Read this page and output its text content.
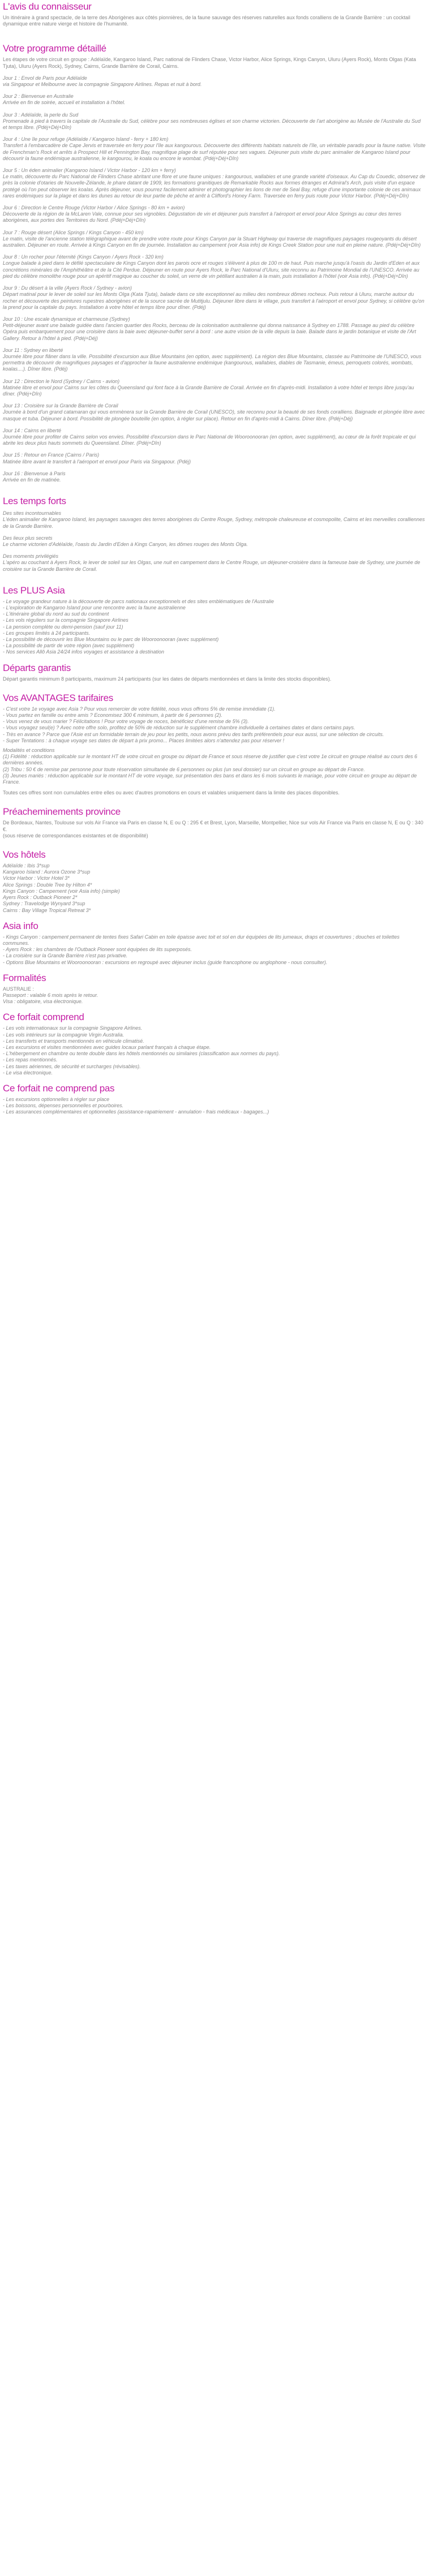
L'avis du connaisseur

Un itinéraire à grand spectacle, de la terre des Aborigènes aux côtés pionnières, de la faune sauvage des réserves naturelles aux fonds coralliens de la Grande Barrière : un cocktail dynamique entre nature vierge et histoire de l'humanité.

Votre programme détaillé

Les étapes de votre circuit en groupe : Adélaïde, Kangaroo Island, Parc national de Flinders Chase, Victor Harbor, Alice Springs, Kings Canyon, Uluru (Ayers Rock), Monts Olgas (Kata Tjuta), Uluru (Ayers Rock), Sydney, Cairns, Grande Barrière de Corail, Cairns.

Jour 1 : Envol de Paris pour Adélaïde

via Singapour et Melbourne avec la compagnie Singapore Airlines. Repas et nuit à bord.

Jour 2 : Bienvenue en Australie

Arrivée en fin de soirée, accueil et installation à l'hôtel.

Jour 3 : Adélaïde, la perle du Sud

Promenade à pied à travers la capitale de l'Australie du Sud, célèbre pour ses nombreuses églises et son charme victorien. Découverte de l'art aborigène au Musée de l'Australie du Sud et temps libre. (Pdéj+Déj+Dîn)

Jour 4 : Une île pour refuge (Adélaïde / Kangaroo Island - ferry + 180 km)

Transfert à l'embarcadère de Cape Jervis et traversée en ferry pour l'île aux kangourous. Découverte des différents habitats naturels de l'île, un véritable paradis pour la faune native. Visite de Frenchman's Rock et arrêts à Prospect Hill et Pennington Bay, magnifique plage de surf réputée pour ses vagues. Déjeuner puis visite du parc animalier de Kangaroo Island pour découvrir la faune endémique australienne, le kangourou, le koala ou encore le wombat. (Pdéj+Déj+Dîn)

Jour 5 : Un éden animalier (Kangaroo Island / Victor Harbor - 120 km + ferry)

Le matin, découverte du Parc National de Flinders Chase abritant une flore et une faune uniques : kangourous, wallabies et une grande variété d'oiseaux. Au Cap du Couedic, observez de près la colonie d'otaries de Nouvelle-Zélande, le phare datant de 1909, les formations granitiques de Remarkable Rocks aux formes étranges et Admiral's Arch, puis visite d'un espace protégé où l'on peut observer les koalas. Après déjeuner, vous pourrez facilement admirer et photographier les lions de mer de Seal Bay, refuge d'une importante colonie de ces animaux rares endémiques sur la plage et dans les dunes au retour de leur partie de pêche et arrêt à Clifford's Honey Farm. Traversée en ferry puis route pour Victor Harbor. (Pdéj+Déj+Dîn)

Jour 6 : Direction le Centre Rouge (Victor Harbor / Alice Springs - 80 km + avion)

Découverte de la région de la McLaren Vale, connue pour ses vignobles. Dégustation de vin et déjeuner puis transfert à l'aéroport et envol pour Alice Springs au cœur des terres aborigènes, aux portes des Territoires du Nord. (Pdéj+Déj+Dîn)

Jour 7 : Rouge désert (Alice Springs / Kings Canyon - 450 km)

Le matin, visite de l'ancienne station télégraphique avant de prendre votre route pour Kings Canyon par la Stuart Highway qui traverse de magnifiques paysages rougeoyants du désert australien. Déjeuner en route. Arrivée à Kings Canyon en fin de journée. Installation au campement (voir Asia info) de Kings Creek Station pour une nuit en pleine nature. (Pdéj+Déj+Dîn)

Jour 8 : Un rocher pour l'éternité (Kings Canyon / Ayers Rock - 320 km)

Longue balade à pied dans le défilé spectaculaire de Kings Canyon dont les parois ocre et rouges s'élèvent à plus de 100 m de haut. Puis marche jusqu'à l'oasis du Jardin d'Eden et aux concrétions minérales de l'Amphithéâtre et de la Cité Perdue. Déjeuner en route pour Ayers Rock, le Parc National d'Uluru, site reconnu au Patrimoine Mondial de l'UNESCO. Arrivée au pied du célèbre monolithe rouge pour un apéritif magique au coucher du soleil, un verre de vin pétillant australien à la main, puis installation à l'hôtel (voir Asia info). (Pdéj+Déj+Dîn)

Jour 9 : Du désert à la ville (Ayers Rock / Sydney - avion)

Départ matinal pour le lever de soleil sur les Monts Olga (Kata Tjuta), balade dans ce site exceptionnel au milieu des nombreux dômes rocheux. Puis retour à Uluru, marche autour du rocher et découverte des peintures rupestres aborigènes et de la source sacrée de Mutitjulu. Déjeuner libre dans le village, puis transfert à l'aéroport et envol pour Sydney, si célèbre qu'on la prend pour la capitale du pays. Installation à votre hôtel et temps libre pour dîner. (Pdéj)

Jour 10 : Une escale dynamique et charmeuse (Sydney)

Petit-déjeuner avant une balade guidée dans l'ancien quartier des Rocks, berceau de la colonisation australienne qui donna naissance à Sydney en 1788. Passage au pied du célèbre Opéra puis embarquement pour une croisière dans la baie avec déjeuner-buffet servi à bord : une autre vision de la ville depuis la baie. Balade dans le jardin botanique et visite de l'Art Gallery. Retour à l'hôtel à pied. (Pdéj+Déj)

Jour 11 : Sydney en liberté

Journée libre pour flâner dans la ville. Possibilité d'excursion aux Blue Mountains (en option, avec supplément). La région des Blue Mountains, classée au Patrimoine de l'UNESCO, vous permettra de découvrir de magnifiques paysages et d'approcher la faune australienne endémique (kangourous, wallabies, diables de Tasmanie, émeus, perroquets colorés, wombats, koalas....). Dîner libre. (Pdéj)

Jour 12 : Direction le Nord (Sydney / Cairns - avion)

Matinée libre et envol pour Cairns sur les côtes du Queensland qui font face à la Grande Barrière de Corail. Arrivée en fin d'après-midi. Installation à votre hôtel et temps libre jusqu'au dîner. (Pdéj+Dîn)

Jour 13 : Croisière sur la Grande Barrière de Corail

Journée à bord d'un grand catamaran qui vous emmènera sur la Grande Barrière de Corail (UNESCO), site reconnu pour la beauté de ses fonds coralliens. Baignade et plongée libre avec masque et tuba. Déjeuner à bord. Possibilité de plongée bouteille (en option, à régler sur place). Retour en fin d'après-midi à Cairns. Dîner libre. (Pdéj+Déj)

Jour 14 : Cairns en liberté

Journée libre pour profiter de Cairns selon vos envies. Possibilité d'excursion dans le Parc National de Wooroonooran (en option, avec supplément), au cœur de la forêt tropicale et qui abrite les deux plus hauts sommets du Queensland. Dîner. (Pdéj+Dîn)

Jour 15 : Retour en France (Cairns / Paris)

Matinée libre avant le transfert à l'aéroport et envol pour Paris via Singapour. (Pdéj)

Jour 16 : Bienvenue à Paris

Arrivée en fin de matinée.

Les temps forts

Des sites incontournables

L'éden animalier de Kangaroo Island, les paysages sauvages des terres aborigènes du Centre Rouge, Sydney, métropole chaleureuse et cosmopolite, Cairns et les merveilles coralliennes de la Grande Barrière.

Des lieux plus secrets

Le charme victorien d'Adélaïde, l'oasis du Jardin d'Eden à Kings Canyon, les dômes rouges des Monts Olga.

Des moments privilégiés

L'apéro au couchant à Ayers Rock, le lever de soleil sur les Olgas, une nuit en campement dans le Centre Rouge, un déjeuner-croisière dans la fameuse baie de Sydney, une journée de croisière sur la Grande Barrière de Corail.

Les PLUS Asia

- Le voyage grandeur nature à la découverte de parcs nationaux exceptionnels et des sites emblématiques de l'Australie

- L'exploration de Kangaroo Island pour une rencontre avec la faune australienne

- L'itinéraire global du nord au sud du continent

- Les vols réguliers sur la compagnie Singapore Airlines

- La pension complète ou demi-pension (sauf jour 11)

- Les groupes limités à 24 participants.

- La possibilité de découvrir les Blue Mountains ou le parc de Wooroonooran (avec supplément)

- La possibilité de partir de votre région (avec supplément)

- Nos services Allô Asia 24/24 infos voyages et assistance à destination

Départs garantis

Départ garantis minimum 8 participants, maximum 24 participants (sur les dates de départs mentionnées et dans la limite des stocks disponibles).

Vos AVANTAGES tarifaires

- C'est votre 1e voyage avec Asia ? Pour vous remercier de votre fidélité, nous vous offrons 5% de remise immédiate (1).

- Vous partez en famille ou entre amis ? Economisez 300 € minimum, à partir de 6 personnes (2).

- Vous venez de vous marier ? Félicitations ! Pour votre voyage de noces, bénéficiez d'une remise de 5% (3).

- Vous voyagez seul(e) ? Avec notre offre solo, profitez de 50% de réduction sur le supplément chambre individuelle à certaines dates et dans certains pays.

- Très en avance ? Parce que l'Asie est un formidable terrain de jeu pour les petits, nous avons prévu des tarifs préférentiels pour eux aussi, sur une sélection de circuits.

- Super Tentations : à chaque voyage ses dates de départ à prix promo... Places limitées alors n'attendez pas pour réserver !

Modalités et conditions

(1) Fidélité : réduction applicable sur le montant HT de votre circuit en groupe ou départ de France et sous réserve de justifier que c'est votre 1e circuit en groupe réalisé au cours des 6 dernières années.

(2) Tribu : 50 € de remise par personne pour toute réservation simultanée de 6 personnes ou plus (un seul dossier) sur un circuit en groupe au départ de France.

(3) Jeunes mariés : réduction applicable sur le montant HT de votre voyage, sur présentation des bans et dans les 6 mois suivants le mariage, pour votre circuit en groupe au départ de France.

Toutes ces offres sont non cumulables entre elles ou avec d'autres promotions en cours et valables uniquement dans la limite des places disponibles.

Préacheminements province

De Bordeaux, Nantes, Toulouse sur vols Air France via Paris en classe N, E ou Q : 295 € et Brest, Lyon, Marseille, Montpellier, Nice sur vols Air France via Paris en classe N, E ou Q : 340 €.

(sous réserve de correspondances existantes et de disponibilité)

Vos hôtels

Adélaïde : Ibis 3*sup

Kangaroo Island : Aurora Ozone 3*sup

Victor Harbor : Victor Hotel 3*

Alice Springs : Double Tree by Hilton 4*

Kings Canyon : Campement (voir Asia info) (simple)

Ayers Rock : Outback Pioneer 2*

Sydney : Travelodge Wynyard 3*sup

Cairns : Bay Village Tropical Retreat 3*

Asia info

- Kings Canyon : campement permanent de tentes fixes Safari Cabin en toile épaisse avec toit et sol en dur équipées de lits jumeaux, draps et couvertures ; douches et toilettes communes.

- Ayers Rock : les chambres de l'Outback Pioneer sont équipées de lits superposés.

- La croisière sur la Grande Barrière n'est pas privative.

- Options Blue Mountains et Wooroonooran : excursions en regroupé avec déjeuner inclus (guide francophone ou anglophone - nous consulter).

Formalités

AUSTRALIE :

Passeport : valable 6 mois après le retour.

Visa : obligatoire, visa électronique.

Ce forfait comprend

- Les vols internationaux sur la compagnie Singapore Airlines.

- Les vols intérieurs sur la compagnie Virgin Australia.

- Les transferts et transports mentionnés en véhicule climatisé.

- Les excursions et visites mentionnées avec guides locaux parlant français à chaque étape.

- L'hébergement en chambre ou tente double dans les hôtels mentionnés ou similaires (classification aux normes du pays).

- Les repas mentionnés.

- Les taxes aériennes, de sécurité et surcharges (révisables).

- Le visa électronique.

Ce forfait ne comprend pas

- Les excursions optionnelles à régler sur place

- Les boissons, dépenses personnelles et pourboires.

- Les assurances complémentaires et optionnelles (assistance-rapatriement - annulation - frais médicaux - bagages...)
